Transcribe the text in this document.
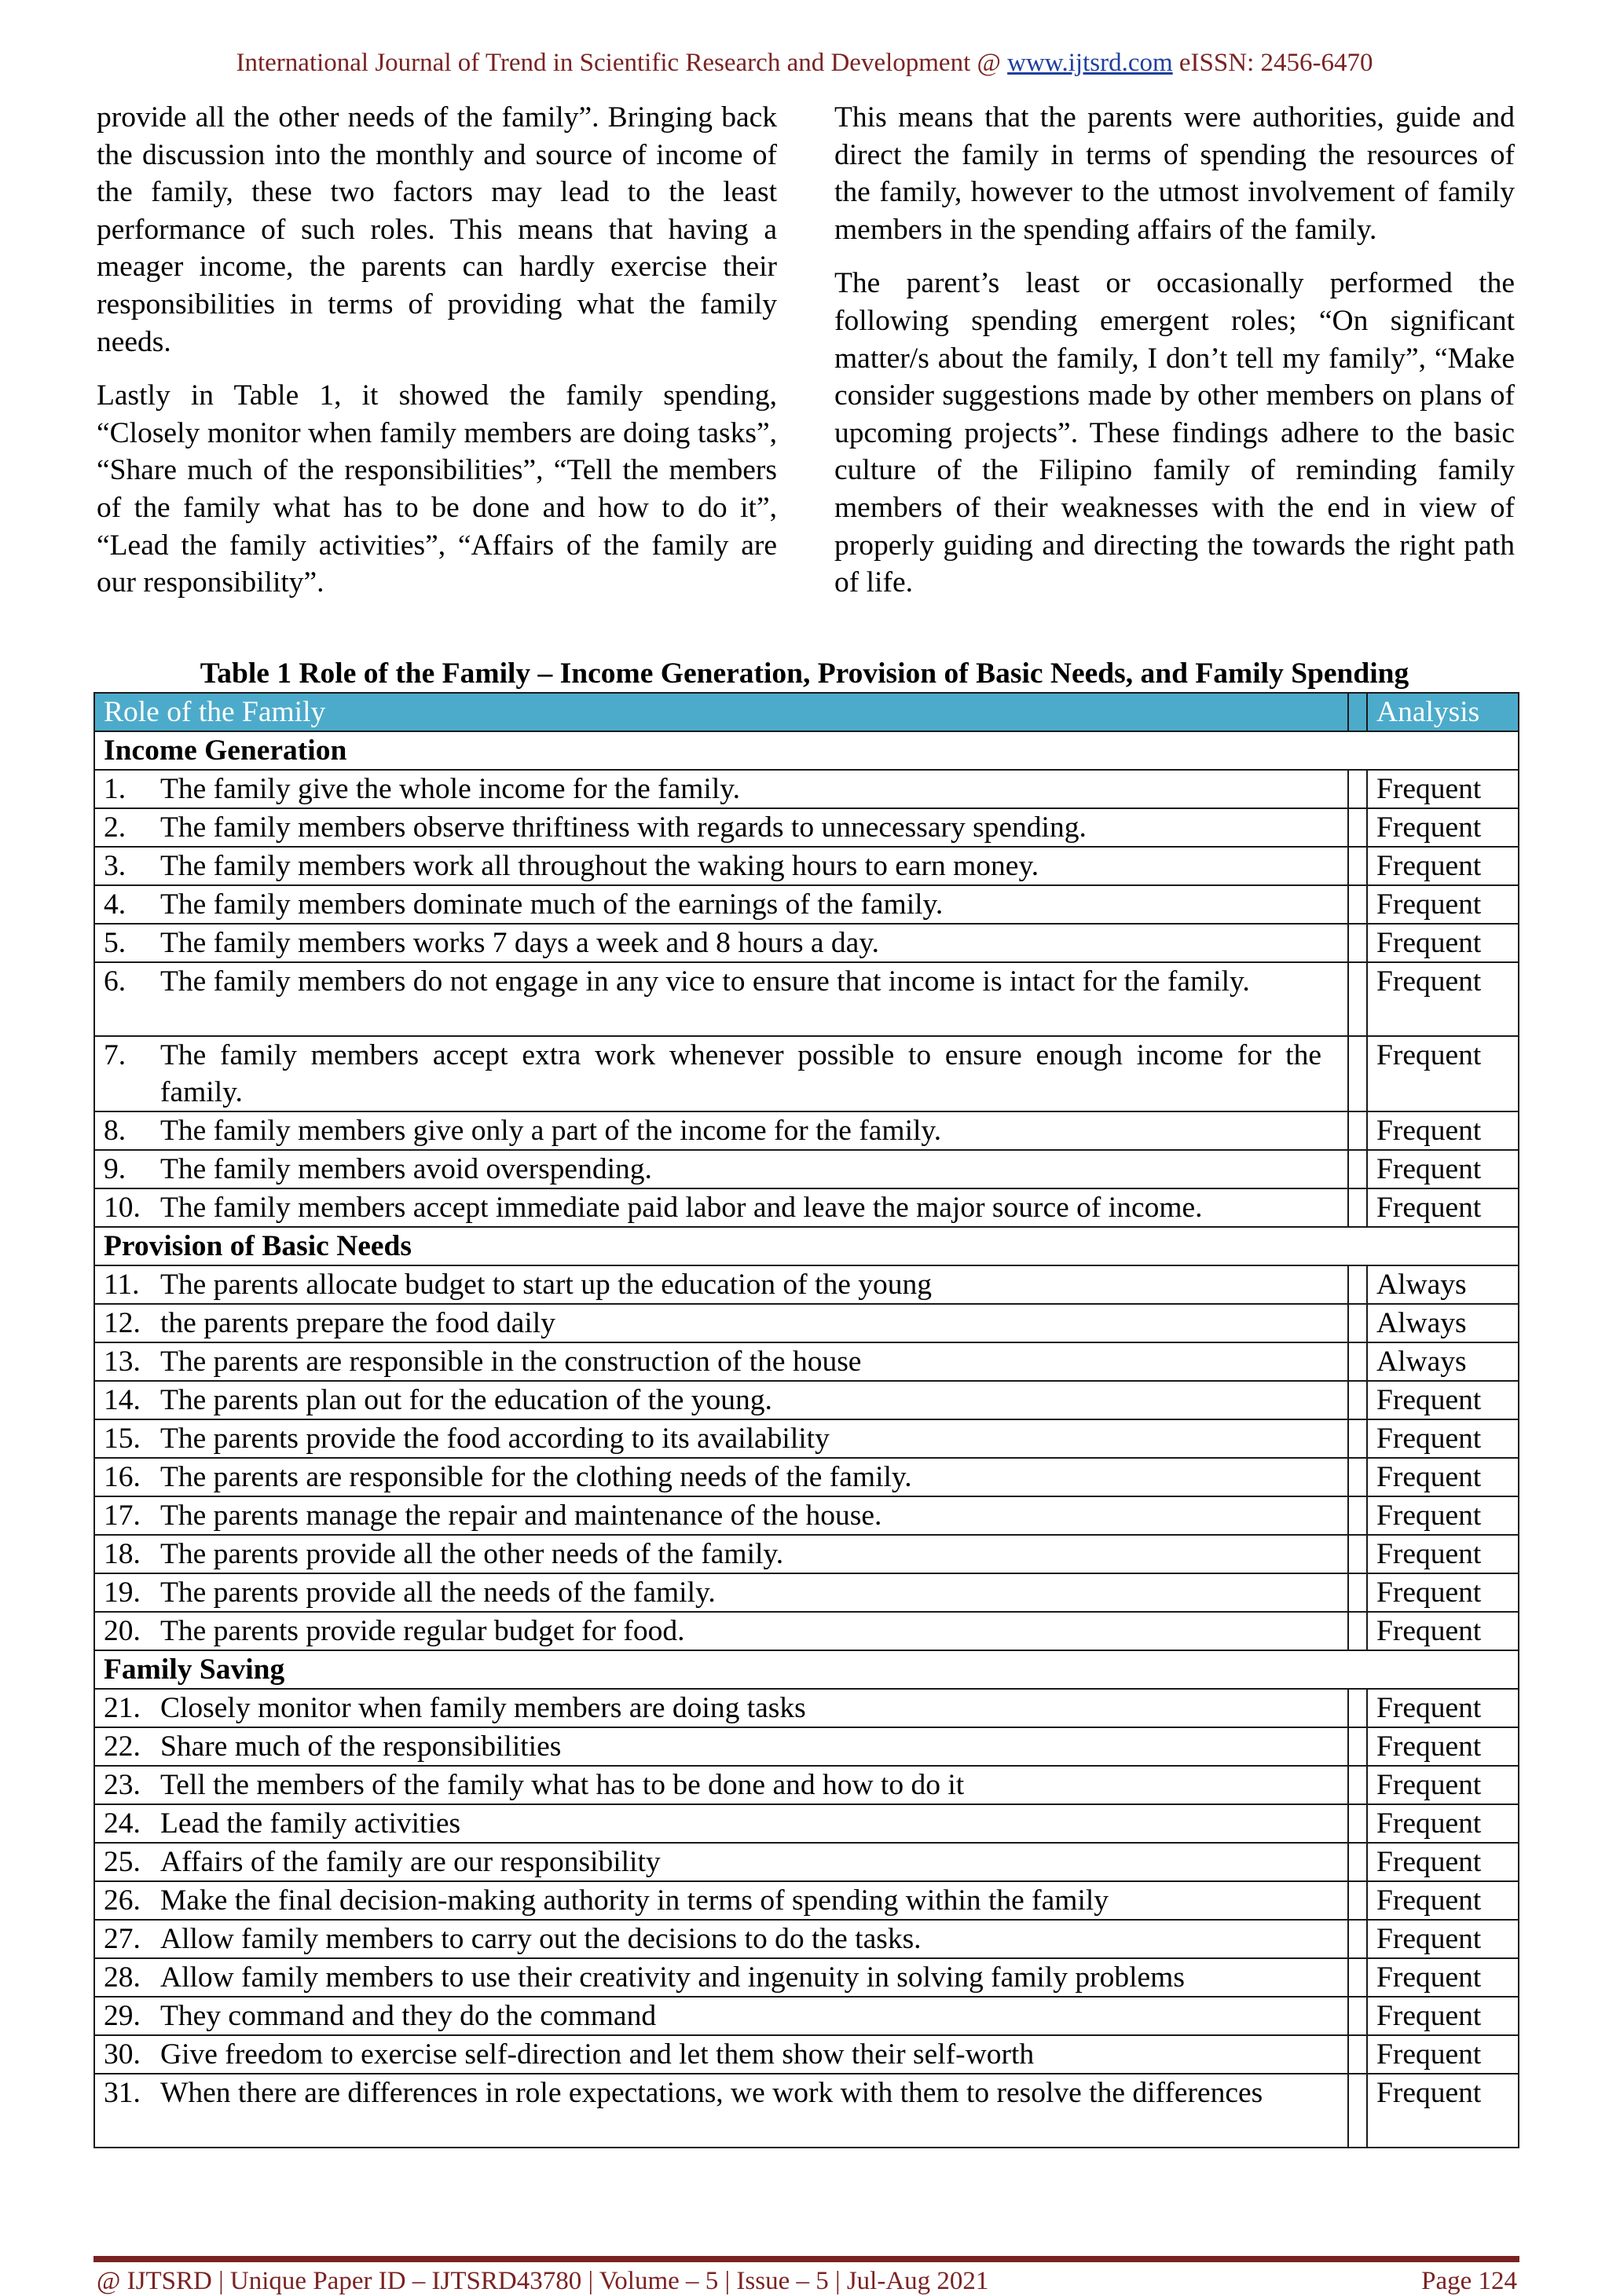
International Journal of Trend in Scientific Research and Development @ www.ijtsrd.com eISSN: 2456-6470

provide all the other needs of the family”. Bringing back the discussion into the monthly and source of income of the family, these two factors may lead to the least performance of such roles. This means that having a meager income, the parents can hardly exercise their responsibilities in terms of providing what the family needs.

Lastly in Table 1, it showed the family spending, “Closely monitor when family members are doing tasks”, “Share much of the responsibilities”, “Tell the members of the family what has to be done and how to do it”, “Lead the family activities”, “Affairs of the family are our responsibility”.

This means that the parents were authorities, guide and direct the family in terms of spending the resources of the family, however to the utmost involvement of family members in the spending affairs of the family.

The parent’s least or occasionally performed the following spending emergent roles; “On significant matter/s about the family, I don’t tell my family”, “Make consider suggestions made by other members on plans of upcoming projects”. These findings adhere to the basic culture of the Filipino family of reminding family members of their weaknesses with the end in view of properly guiding and directing the towards the right path of life.

Table 1 Role of the Family – Income Generation, Provision of Basic Needs, and Family Spending
Role of the Family		Analysis
Income Generation		
1. The family give the whole income for the family.		Frequent
2. The family members observe thriftiness with regards to unnecessary spending.		Frequent
3. The family members work all throughout the waking hours to earn money.		Frequent
4. The family members dominate much of the earnings of the family.		Frequent
5. The family members works 7 days a week and 8 hours a day.		Frequent
6. The family members do not engage in any vice to ensure that income is intact for the family.		Frequent
7. The family members accept extra work whenever possible to ensure enough income for the family.		Frequent
8. The family members give only a part of the income for the family.		Frequent
9. The family members avoid overspending.		Frequent
10. The family members accept immediate paid labor and leave the major source of income.		Frequent
Provision of Basic Needs		
11. The parents allocate budget to start up the education of the young		Always
12. the parents prepare the food daily		Always
13. The parents are responsible in the construction of the house		Always
14. The parents plan out for the education of the young.		Frequent
15. The parents provide the food according to its availability		Frequent
16. The parents are responsible for the clothing needs of the family.		Frequent
17. The parents manage the repair and maintenance of the house.		Frequent
18. The parents provide all the other needs of the family.		Frequent
19. The parents provide all the needs of the family.		Frequent
20. The parents provide regular budget for food.		Frequent
Family Saving		
21. Closely monitor when family members are doing tasks		Frequent
22. Share much of the responsibilities		Frequent
23. Tell the members of the family what has to be done and how to do it		Frequent
24. Lead the family activities		Frequent
25. Affairs of the family are our responsibility		Frequent
26. Make the final decision-making authority in terms of spending within the family		Frequent
27. Allow family members to carry out the decisions to do the tasks.		Frequent
28. Allow family members to use their creativity and ingenuity in solving family problems		Frequent
29. They command and they do the command		Frequent
30. Give freedom to exercise self-direction and let them show their self-worth		Frequent
31. When there are differences in role expectations, we work with them to resolve the differences		Frequent
@ IJTSRD | Unique Paper ID – IJTSRD43780 | Volume – 5 | Issue – 5 | Jul-Aug 2021	Page 124
